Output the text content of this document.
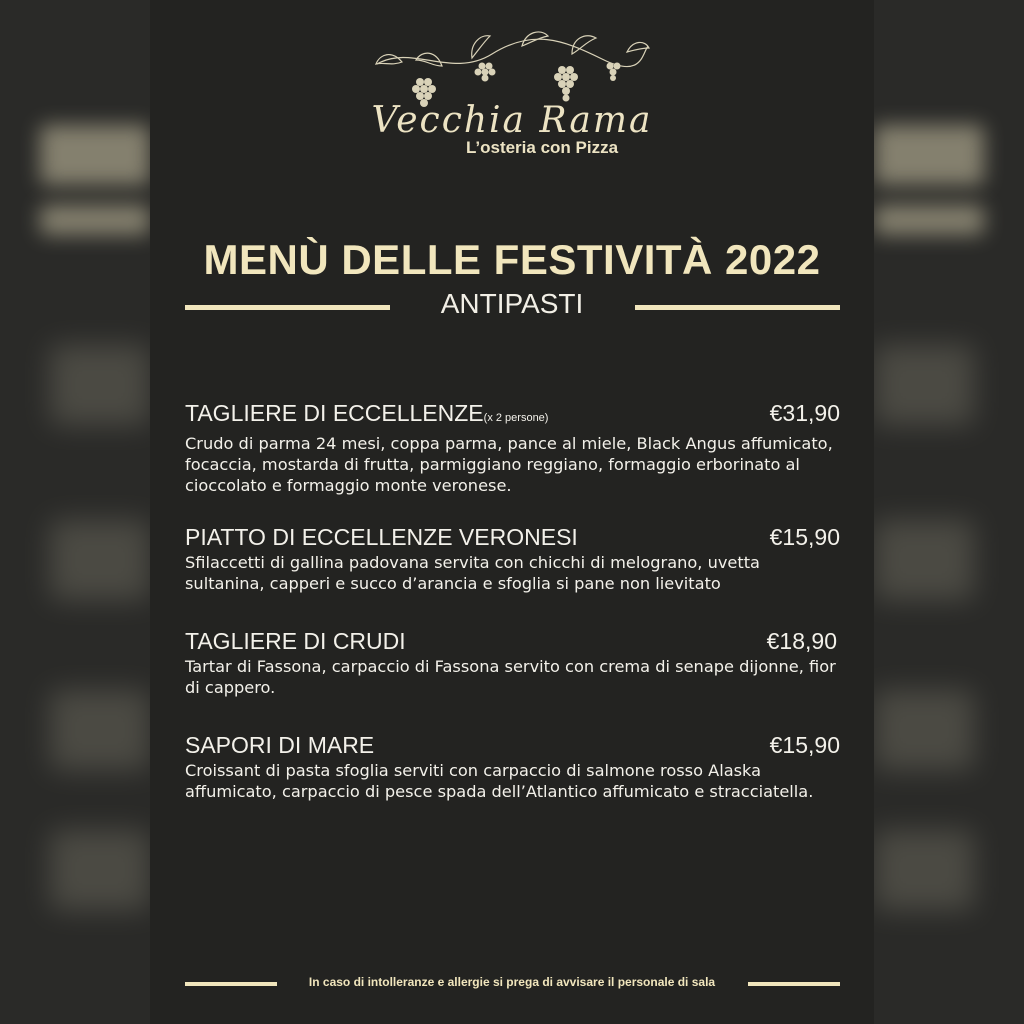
Vecchia Rama
L’osteria con Pizza
MENÙ DELLE FESTIVITÀ 2022
ANTIPASTI
TAGLIERE DI ECCELLENZE(x 2 persone)	€31,90
Crudo di parma 24 mesi, coppa parma, pance al miele, Black Angus affumicato, focaccia, mostarda di frutta, parmiggiano reggiano, formaggio erborinato al cioccolato e formaggio monte veronese.
PIATTO DI ECCELLENZE VERONESI	€15,90
Sfilaccetti di gallina padovana servita con chicchi di melograno, uvetta sultanina, capperi e succo d’arancia e sfoglia si pane non lievitato
TAGLIERE DI CRUDI	€18,90
Tartar di Fassona, carpaccio di Fassona servito con crema di senape dijonne, fior di cappero.
SAPORI DI MARE	€15,90
Croissant di pasta sfoglia serviti con carpaccio di salmone rosso Alaska affumicato, carpaccio di pesce spada dell’Atlantico affumicato e stracciatella.
In caso di intolleranze e allergie si prega di avvisare il personale di sala
